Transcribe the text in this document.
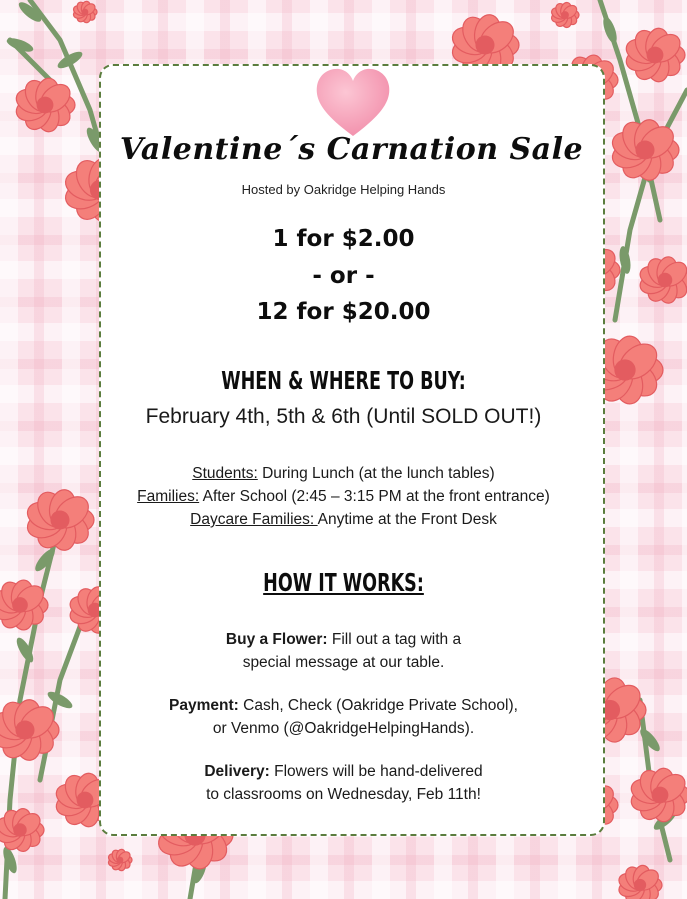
Valentine´s Carnation Sale
Hosted by Oakridge Helping Hands
1 for $2.00
- or -
12 for $20.00
WHEN & WHERE TO BUY:
February 4th, 5th & 6th (Until SOLD OUT!)
Students: During Lunch (at the lunch tables)
Families: After School (2:45 – 3:15 PM at the front entrance)
Daycare Families: Anytime at the Front Desk
HOW IT WORKS:
Buy a Flower: Fill out a tag with a
special message at our table.
Payment: Cash, Check (Oakridge Private School),
or Venmo (@OakridgeHelpingHands).
Delivery: Flowers will be hand-delivered
to classrooms on Wednesday, Feb 11th!
